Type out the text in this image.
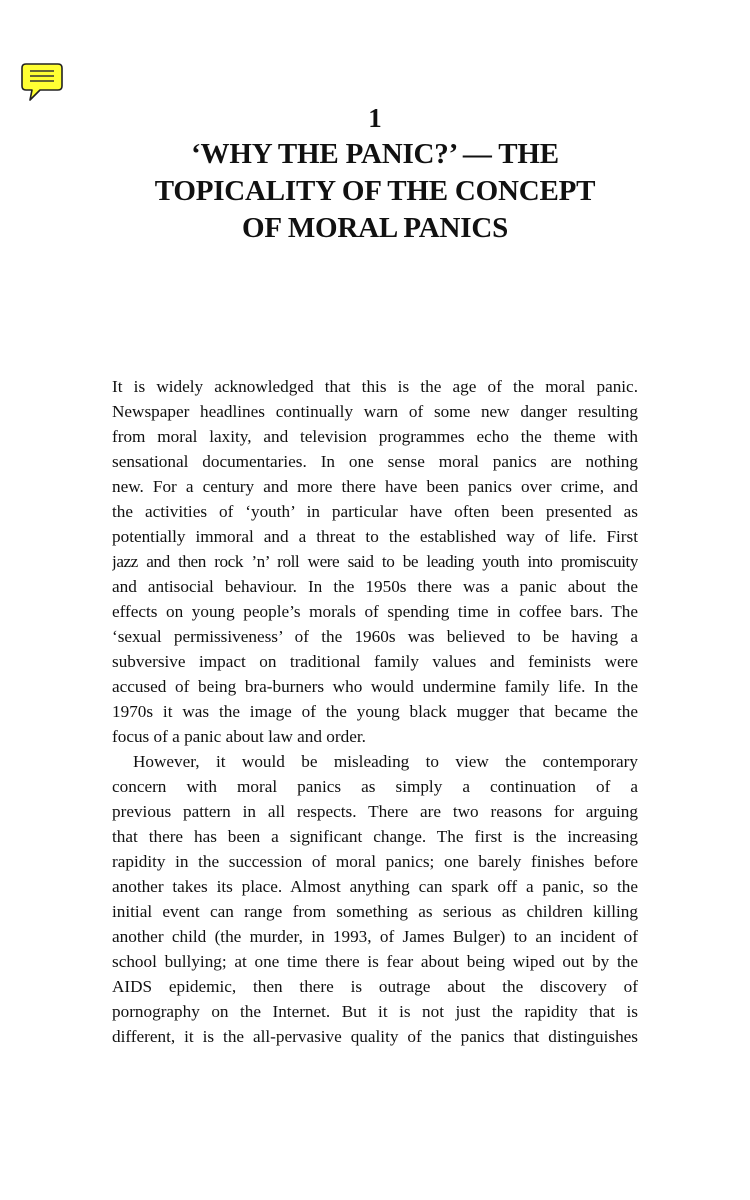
1
‘WHY THE PANIC?’ — THE
TOPICALITY OF THE CONCEPT
OF MORAL PANICS
It is widely acknowledged that this is the age of the moral panic.
Newspaper headlines continually warn of some new danger resulting
from moral laxity, and television programmes echo the theme with
sensational documentaries. In one sense moral panics are nothing
new. For a century and more there have been panics over crime, and
the activities of ‘youth’ in particular have often been presented as
potentially immoral and a threat to the established way of life. First
jazz and then rock ’n’ roll were said to be leading youth into promiscuity
and antisocial behaviour. In the 1950s there was a panic about the
effects on young people’s morals of spending time in coffee bars. The
‘sexual permissiveness’ of the 1960s was believed to be having a
subversive impact on traditional family values and feminists were
accused of being bra-burners who would undermine family life. In the
1970s it was the image of the young black mugger that became the
focus of a panic about law and order.
However, it would be misleading to view the contemporary
concern with moral panics as simply a continuation of a
previous pattern in all respects. There are two reasons for arguing
that there has been a significant change. The first is the increasing
rapidity in the succession of moral panics; one barely finishes before
another takes its place. Almost anything can spark off a panic, so the
initial event can range from something as serious as children killing
another child (the murder, in 1993, of James Bulger) to an incident of
school bullying; at one time there is fear about being wiped out by the
AIDS epidemic, then there is outrage about the discovery of
pornography on the Internet. But it is not just the rapidity that is
different, it is the all-pervasive quality of the panics that distinguishes
